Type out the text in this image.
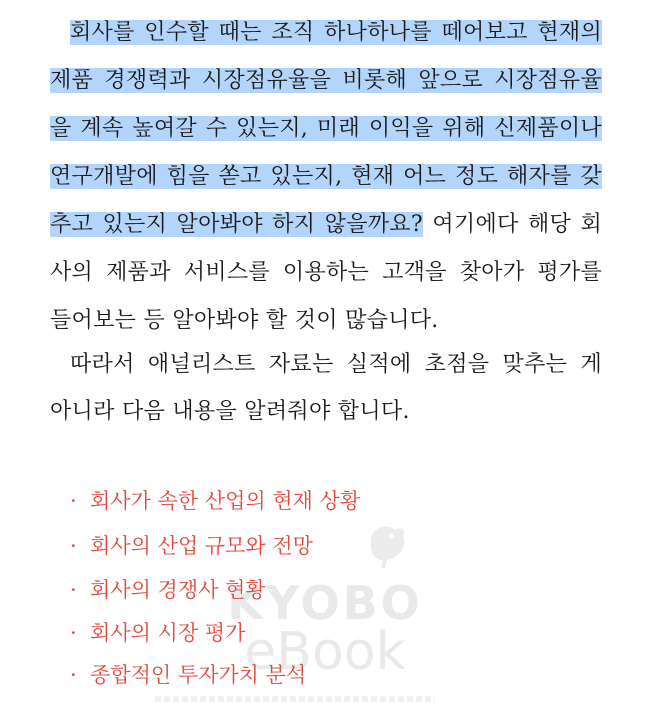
회사를 인수할 때는 조직 하나하나를 떼어보고 현재의
제품 경쟁력과 시장점유율을 비롯해 앞으로 시장점유율
을 계속 높여갈 수 있는지, 미래 이익을 위해 신제품이나
연구개발에 힘을 쏟고 있는지, 현재 어느 정도 해자를 갖
추고 있는지 알아봐야 하지 않을까요? 여기에다 해당 회
사의 제품과 서비스를 이용하는 고객을 찾아가 평가를
들어보는 등 알아봐야 할 것이 많습니다.
따라서 애널리스트 자료는 실적에 초점을 맞추는 게
아니라 다음 내용을 알려줘야 합니다.
KYOBO
eBook
· 회사가 속한 산업의 현재 상황
· 회사의 산업 규모와 전망
· 회사의 경쟁사 현황
· 회사의 시장 평가
· 종합적인 투자가치 분석
